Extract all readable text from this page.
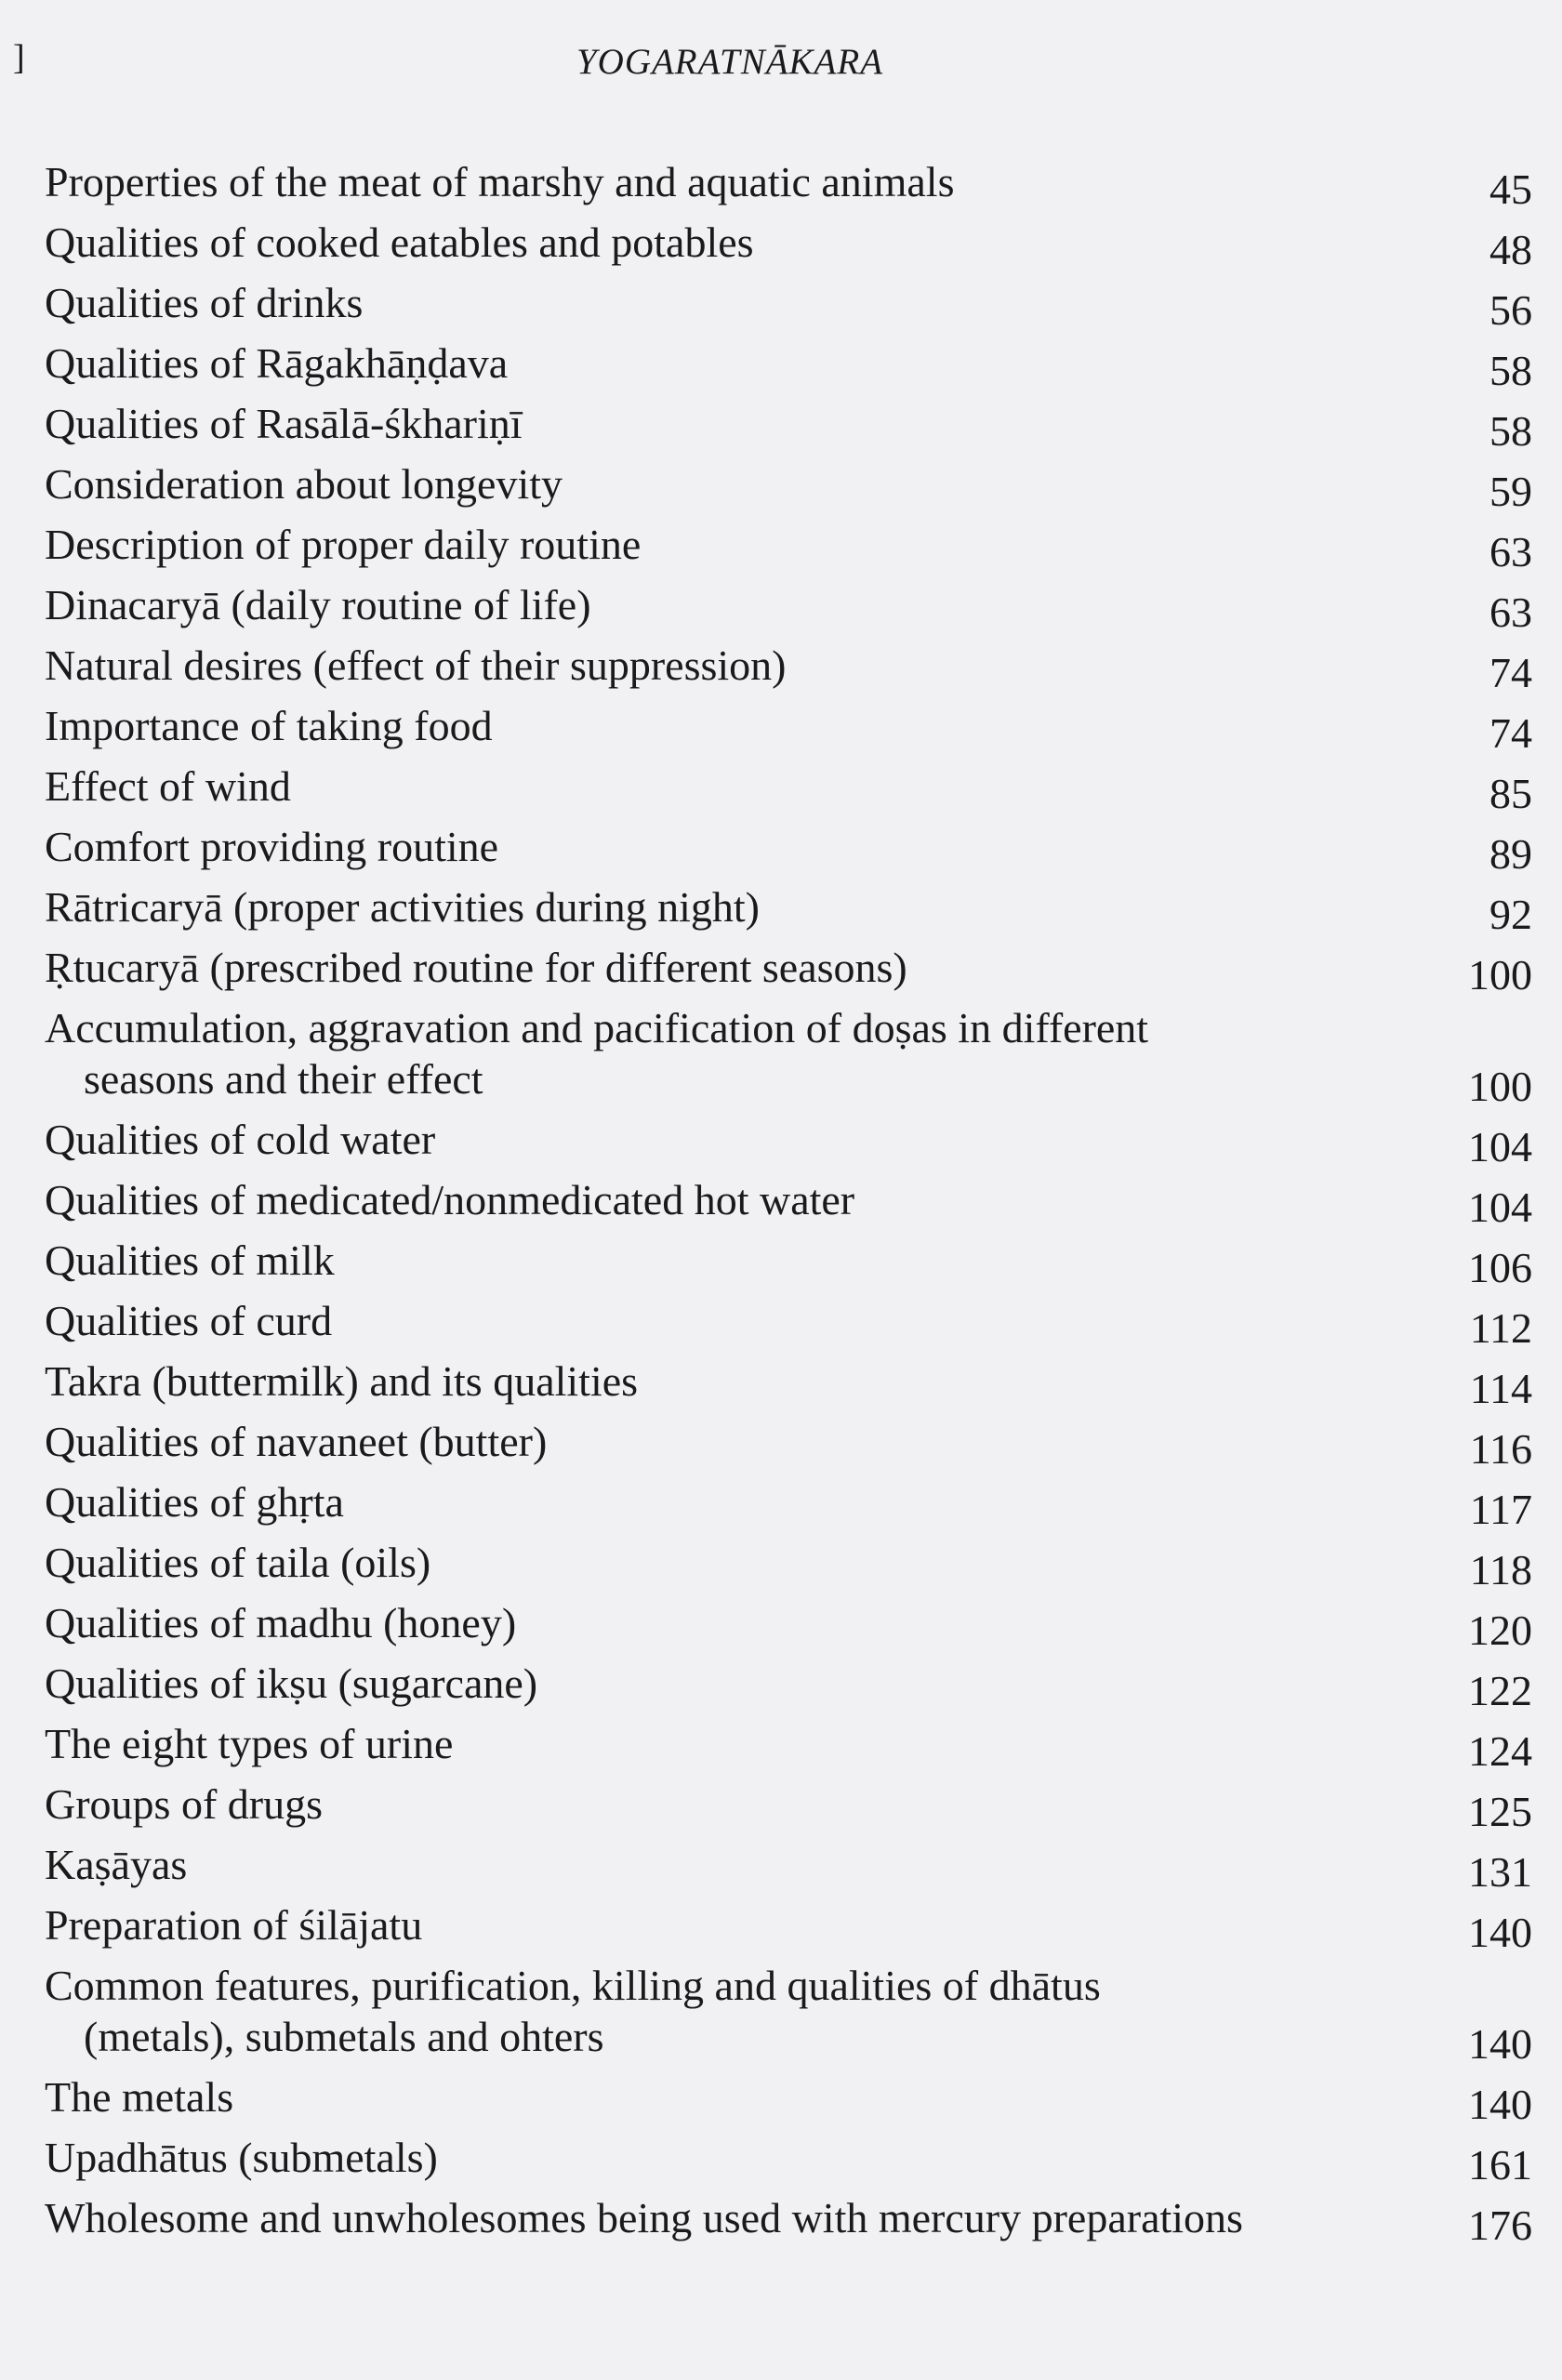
]	YOGARATNĀKARA
Properties of the meat of marshy and aquatic animals	45
Qualities of cooked eatables and potables	48
Qualities of drinks	56
Qualities of Rāgakhāṇḍava	58
Qualities of Rasālā-śkhariṇī	58
Consideration about longevity	59
Description of proper daily routine	63
Dinacaryā (daily routine of life)	63
Natural desires (effect of their suppression)	74
Importance of taking food	74
Effect of wind	85
Comfort providing routine	89
Rātricaryā (proper activities during night)	92
Ṛtucaryā (prescribed routine for different seasons)	100
Accumulation, aggravation and pacification of doṣas in different seasons and their effect	100
Qualities of cold water	104
Qualities of medicated/nonmedicated hot water	104
Qualities of milk	106
Qualities of curd	112
Takra (buttermilk) and its qualities	114
Qualities of navaneet (butter)	116
Qualities of ghṛta	117
Qualities of taila (oils)	118
Qualities of madhu (honey)	120
Qualities of ikṣu (sugarcane)	122
The eight types of urine	124
Groups of drugs	125
Kaṣāyas	131
Preparation of śilājatu	140
Common features, purification, killing and qualities of dhātus (metals), submetals and ohters	140
The metals	140
Upadhātus (submetals)	161
Wholesome and unwholesomes being used with mercury preparations	176
